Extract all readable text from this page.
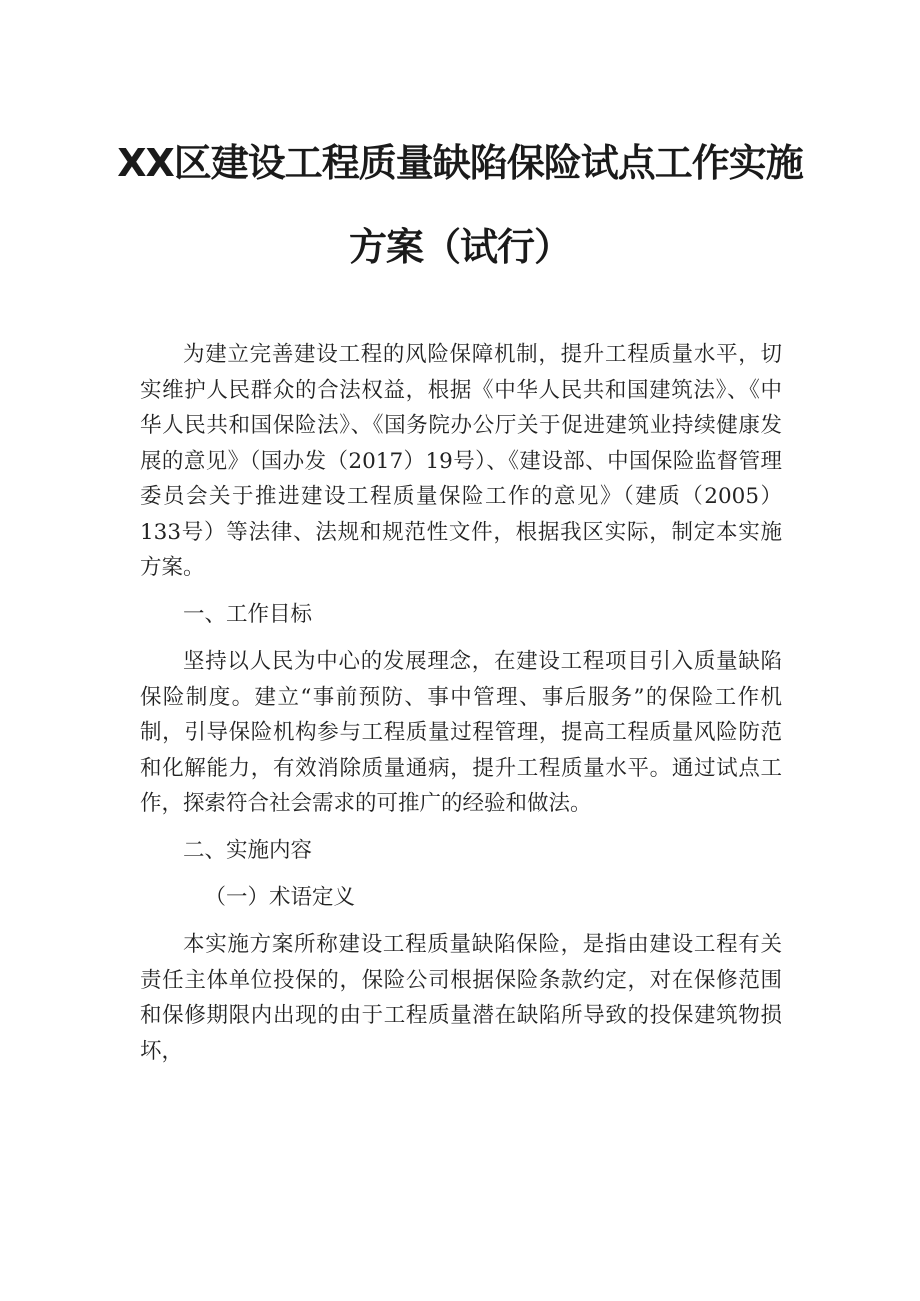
XX区建设工程质量缺陷保险试点工作实施
方案（试行）

为建立完善建设工程的风险保障机制，提升工程质量水平，切实维护人民群众的合法权益，根据《中华人民共和国建筑法》、《中华人民共和国保险法》、《国务院办公厅关于促进建筑业持续健康发展的意见》（国办发（2017）19号）、《建设部、中国保险监督管理委员会关于推进建设工程质量保险工作的意见》（建质（2005）133号）等法律、法规和规范性文件，根据我区实际，制定本实施方案。

一、工作目标

坚持以人民为中心的发展理念，在建设工程项目引入质量缺陷保险制度。建立“事前预防、事中管理、事后服务”的保险工作机制，引导保险机构参与工程质量过程管理，提高工程质量风险防范和化解能力，有效消除质量通病，提升工程质量水平。通过试点工作，探索符合社会需求的可推广的经验和做法。

二、实施内容

（一）术语定义

本实施方案所称建设工程质量缺陷保险，是指由建设工程有关责任主体单位投保的，保险公司根据保险条款约定，对在保修范围和保修期限内出现的由于工程质量潜在缺陷所导致的投保建筑物损坏，
